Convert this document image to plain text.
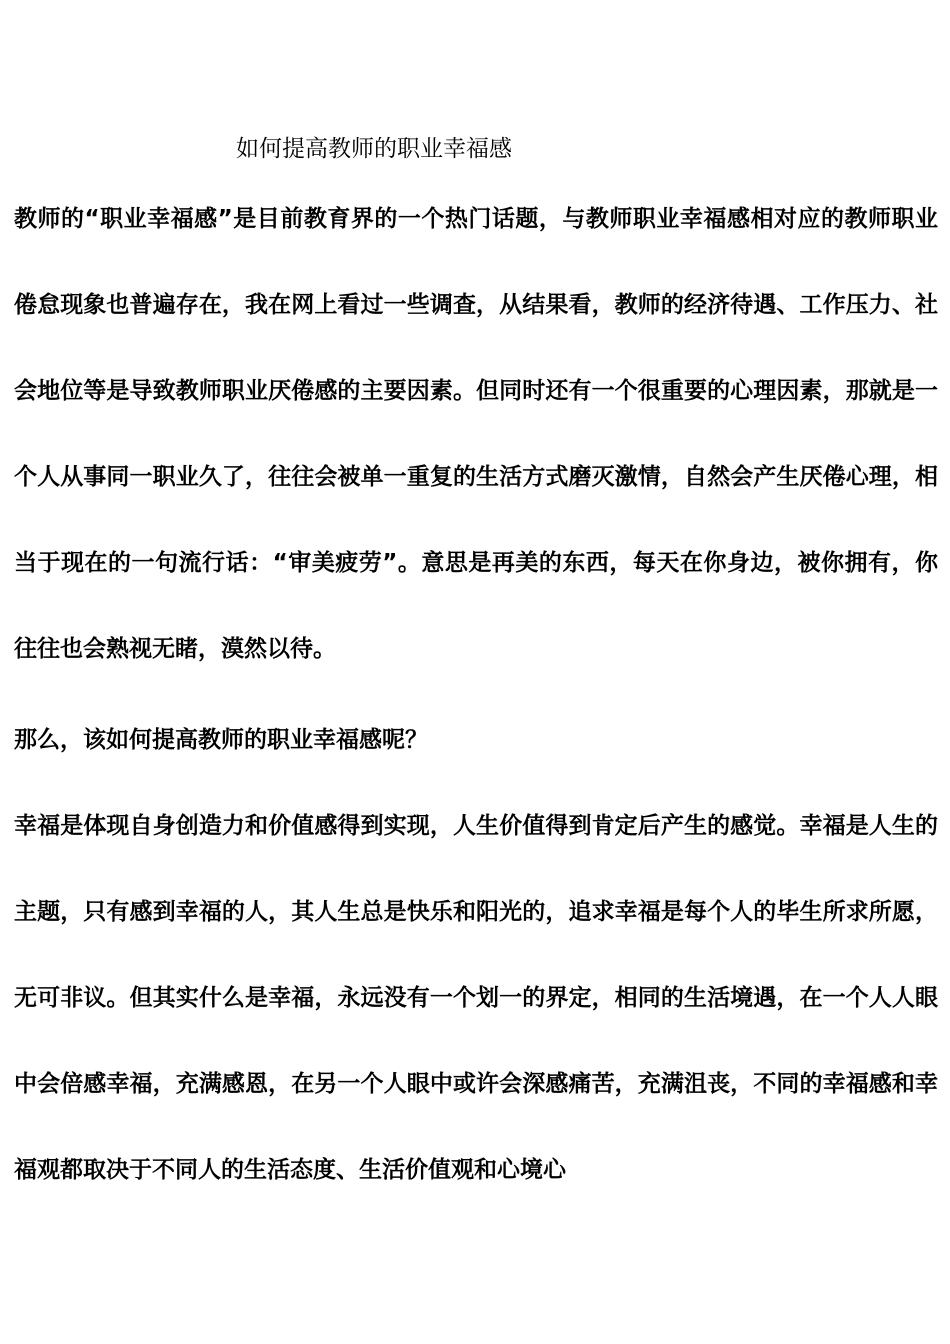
如何提高教师的职业幸福感

教师的“职业幸福感”是目前教育界的一个热门话题，与教师职业幸福感相对应的教师职业倦怠现象也普遍存在，我在网上看过一些调查，从结果看，教师的经济待遇、工作压力、社会地位等是导致教师职业厌倦感的主要因素。但同时还有一个很重要的心理因素，那就是一个人从事同一职业久了，往往会被单一重复的生活方式磨灭激情，自然会产生厌倦心理，相当于现在的一句流行话：“审美疲劳”。意思是再美的东西，每天在你身边，被你拥有，你往往也会熟视无睹，漠然以待。

那么，该如何提高教师的职业幸福感呢？

幸福是体现自身创造力和价值感得到实现，人生价值得到肯定后产生的感觉。幸福是人生的主题，只有感到幸福的人，其人生总是快乐和阳光的，追求幸福是每个人的毕生所求所愿，无可非议。但其实什么是幸福，永远没有一个划一的界定，相同的生活境遇，在一个人人眼中会倍感幸福，充满感恩，在另一个人眼中或许会深感痛苦，充满沮丧，不同的幸福感和幸福观都取决于不同人的生活态度、生活价值观和心境心
